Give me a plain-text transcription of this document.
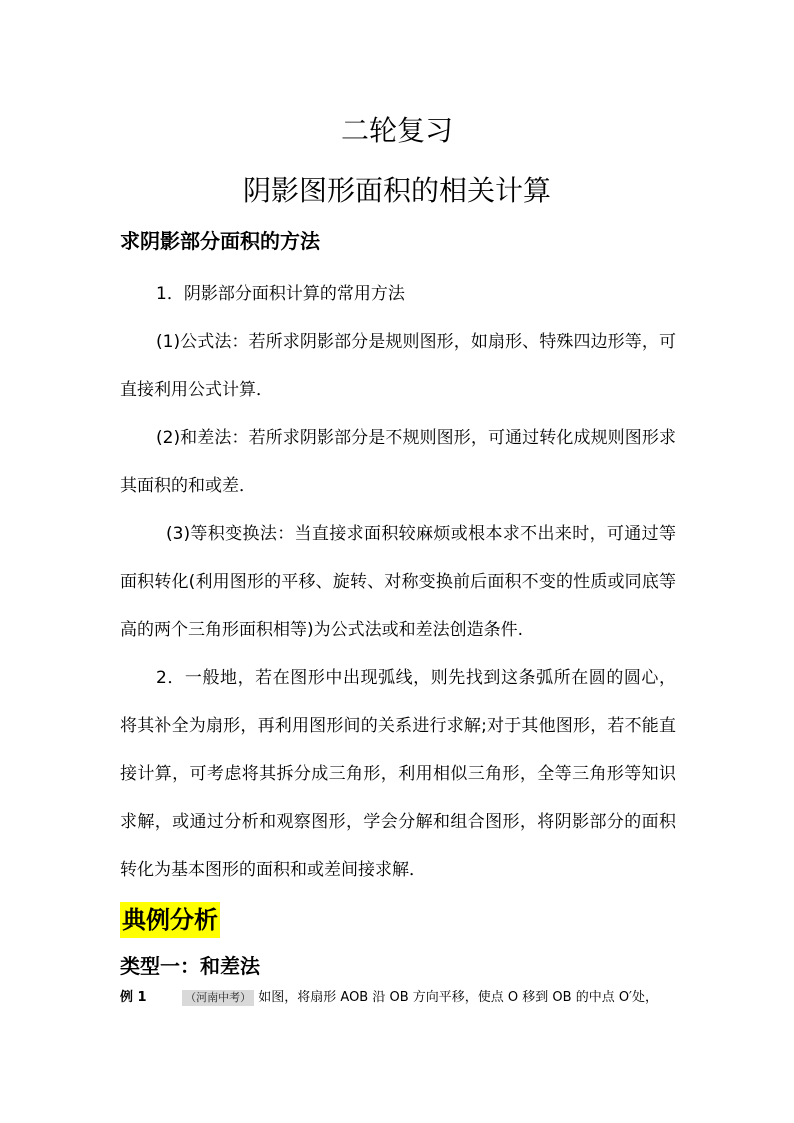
二轮复习
阴影图形面积的相关计算
求阴影部分面积的方法

1．阴影部分面积计算的常用方法

(1)公式法：若所求阴影部分是规则图形，如扇形、特殊四边形等，可直接利用公式计算．

(2)和差法：若所求阴影部分是不规则图形，可通过转化成规则图形求其面积的和或差．

(3)等积变换法：当直接求面积较麻烦或根本求不出来时，可通过等面积转化(利用图形的平移、旋转、对称变换前后面积不变的性质或同底等高的两个三角形面积相等)为公式法或和差法创造条件.

2．一般地，若在图形中出现弧线，则先找到这条弧所在圆的圆心，将其补全为扇形，再利用图形间的关系进行求解;对于其他图形，若不能直接计算，可考虑将其拆分成三角形，利用相似三角形，全等三角形等知识求解，或通过分析和观察图形，学会分解和组合图形，将阴影部分的面积转化为基本图形的面积和或差间接求解．

典例分析
类型一：和差法
例 1	（河南中考） 如图，将扇形 AOB 沿 OB 方向平移，使点 O 移到 OB 的中点 O′处，
